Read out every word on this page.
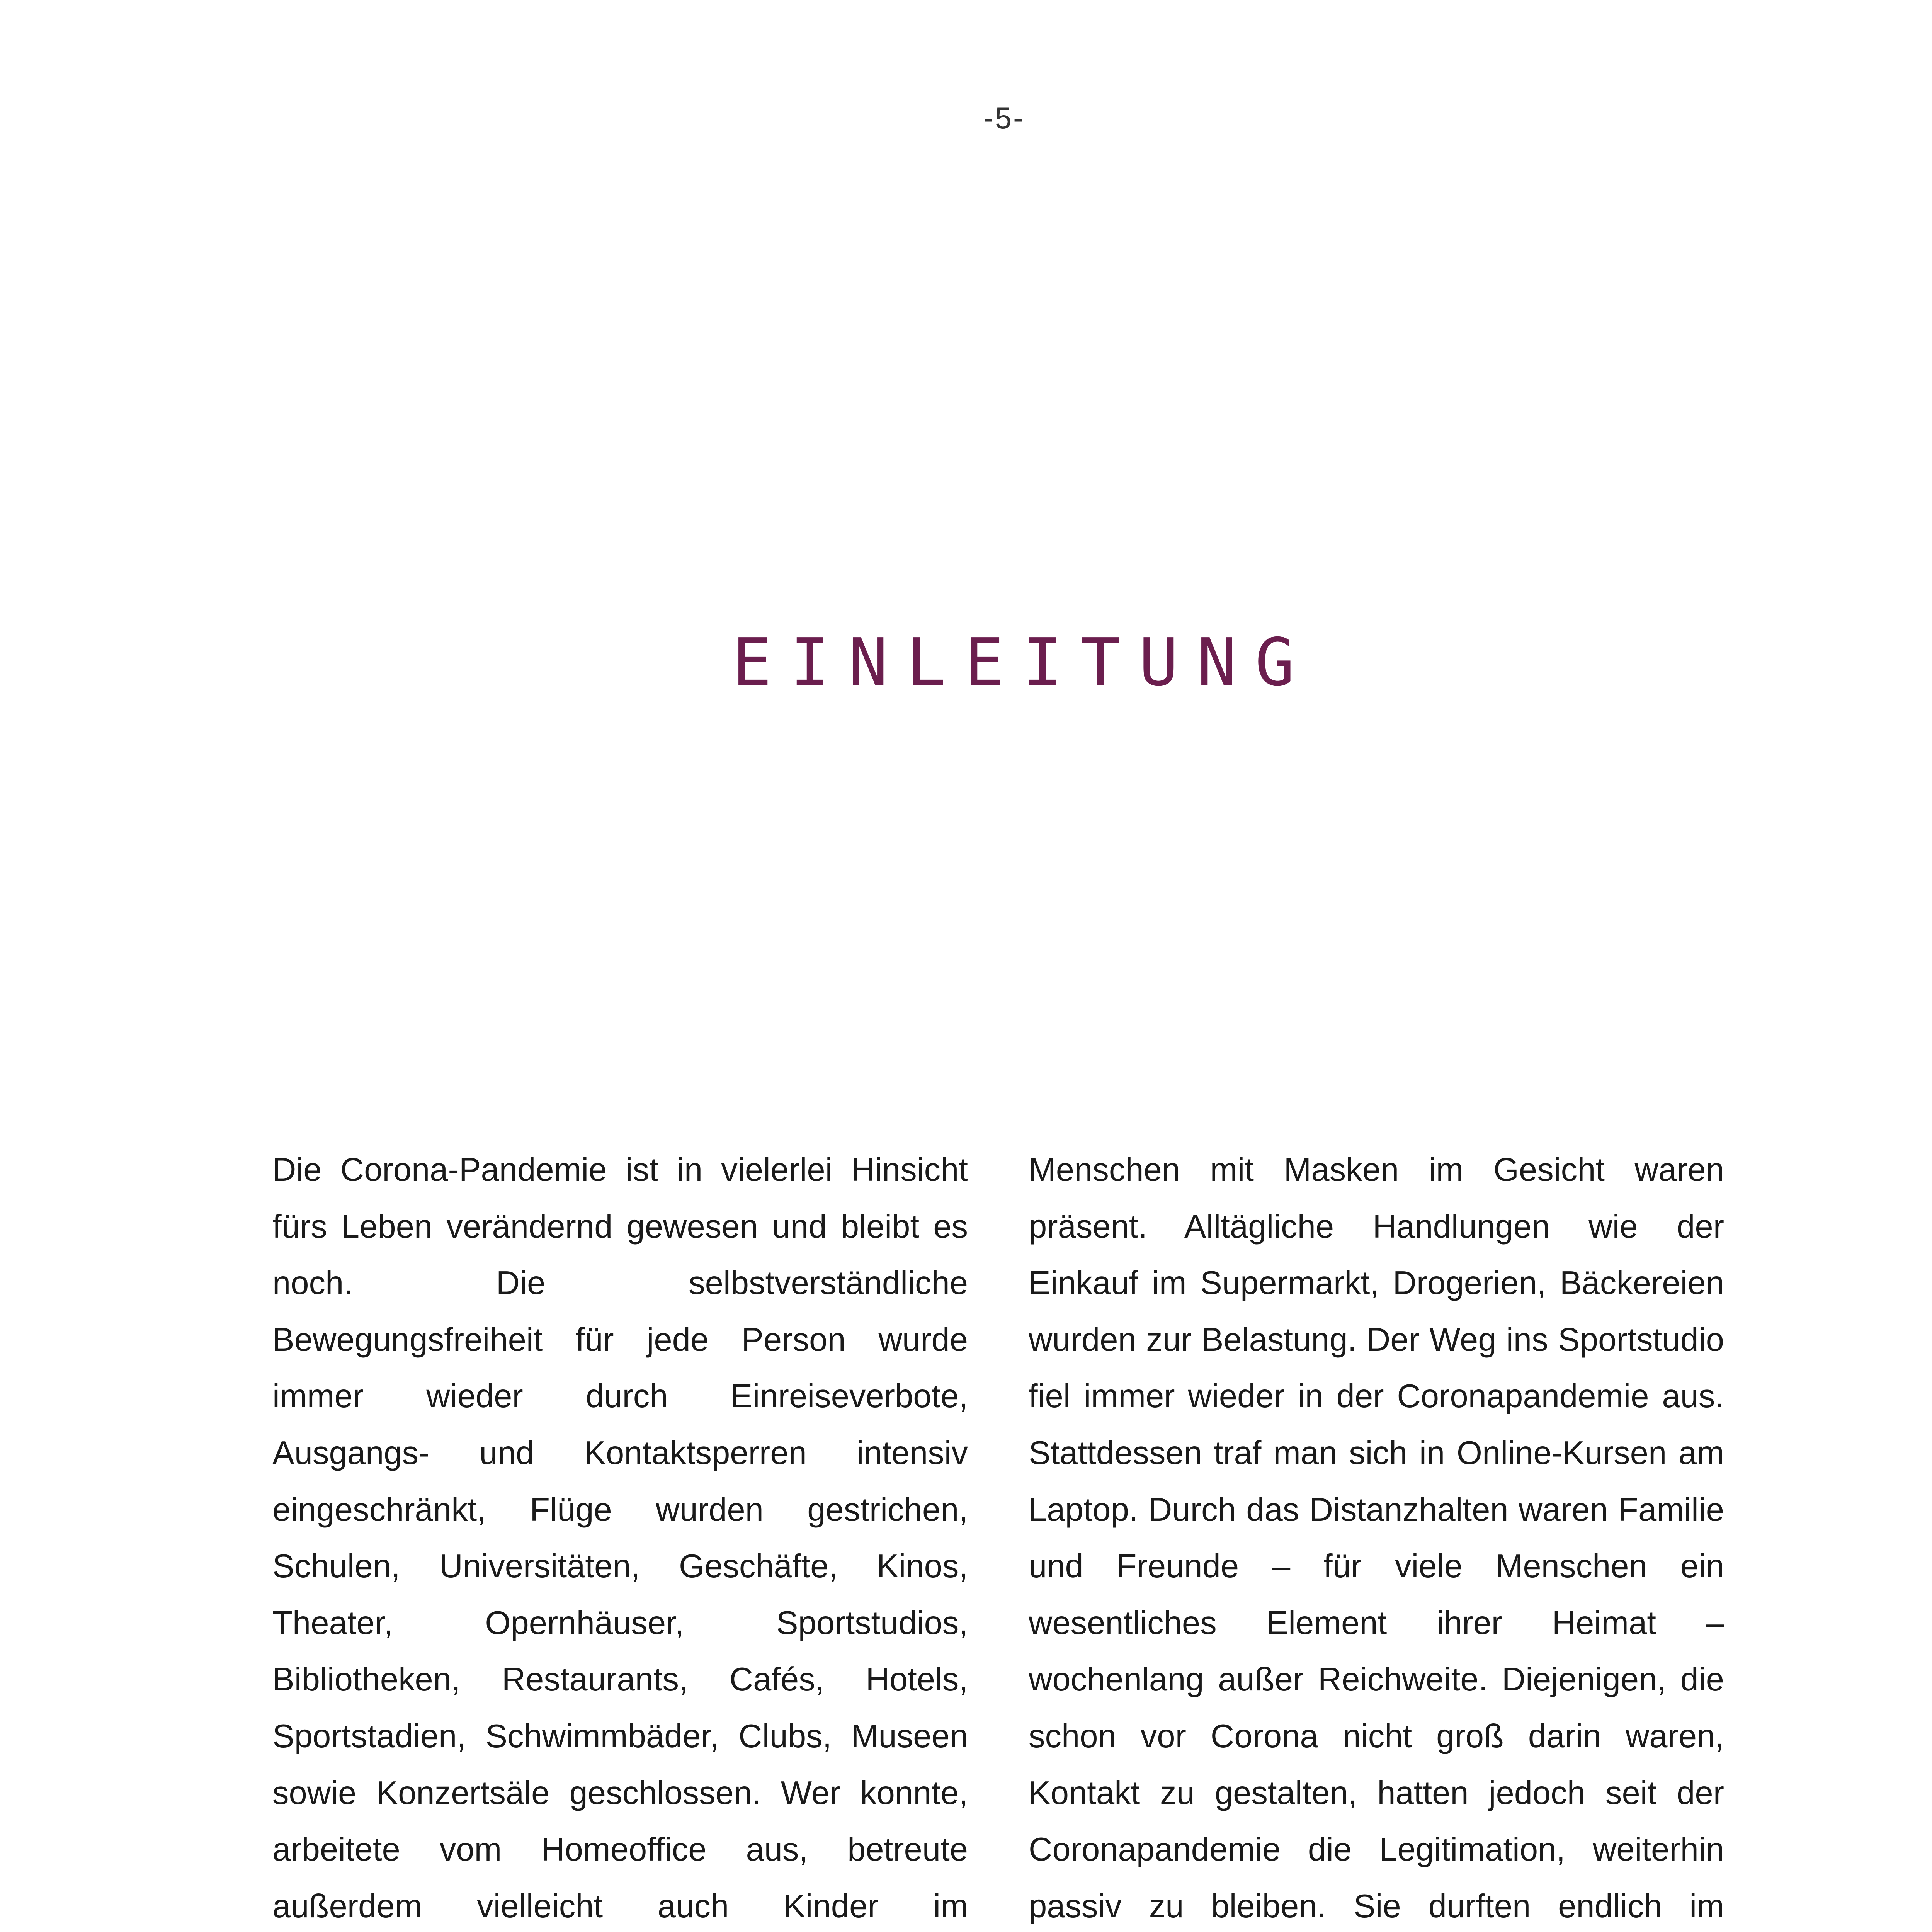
-5-
EINLEITUNG

Die Corona-Pandemie ist in vielerlei Hinsicht fürs Leben verändernd gewesen und bleibt es noch. Die selbstverständliche Bewegungsfreiheit für jede Person wurde immer wieder durch Einreiseverbote, Ausgangs- und Kontaktsperren intensiv eingeschränkt, Flüge wurden gestrichen, Schulen, Universitäten, Geschäfte, Kinos, Theater, Opernhäuser, Sportstudios, Bibliotheken, Restaurants, Cafés, Hotels, Sportstadien, Schwimmbäder, Clubs, Museen sowie Konzertsäle geschlossen. Wer konnte, arbeitete vom Homeoffice aus, betreute außerdem vielleicht auch Kinder im

Menschen mit Masken im Gesicht waren präsent. Alltägliche Handlungen wie der Einkauf im Supermarkt, Drogerien, Bäckereien wurden zur Belastung. Der Weg ins Sportstudio fiel immer wieder in der Coronapandemie aus. Stattdessen traf man sich in Online-Kursen am Laptop. Durch das Distanzhalten waren Familie und Freunde – für viele Menschen ein wesentliches Element ihrer Heimat – wochenlang außer Reichweite. Diejenigen, die schon vor Corona nicht groß darin waren, Kontakt zu gestalten, hatten jedoch seit der Coronapandemie die Legitimation, weiterhin passiv zu bleiben. Sie durften endlich im
